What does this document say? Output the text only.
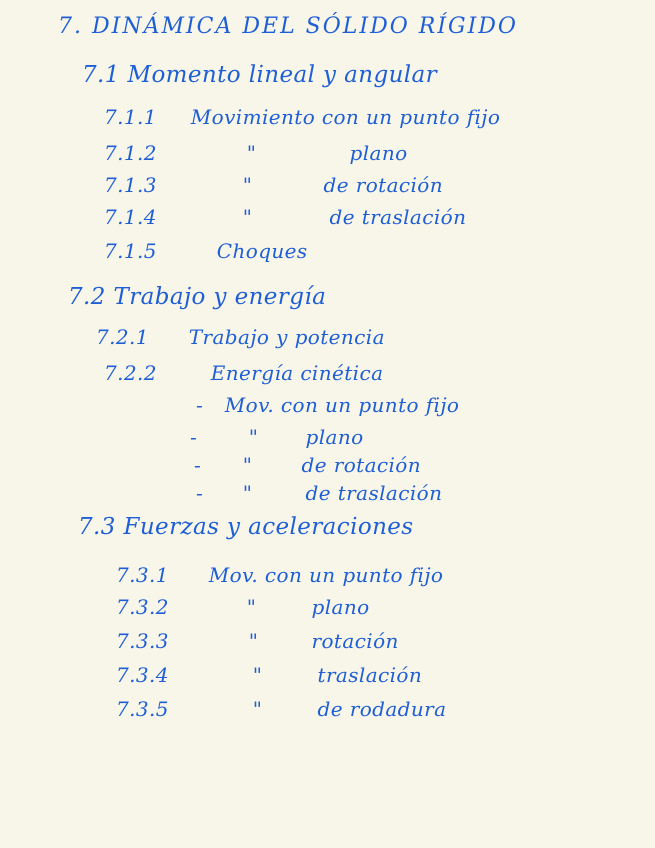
7. DINÁMICA DEL SÓLIDO RÍGIDO
7.1 Momento lineal y angular
7.1.1 Movimiento con un punto fijo
7.1.2	"	plano
7.1.3	"	de rotación
7.1.4	"	de traslación
7.1.5	Choques
7.2 Trabajo y energía
7.2.1 Trabajo y potencia
7.2.2	Energía cinética
- Mov. con un punto fijo
-	" plano
- " de rotación
- "	de traslación
7.3 Fuerzas y aceleraciones
7.3.1 Mov. con un punto fijo
7.3.2	"	plano
7.3.3	"	rotación
7.3.4	"	traslación
7.3.5	"	de rodadura
